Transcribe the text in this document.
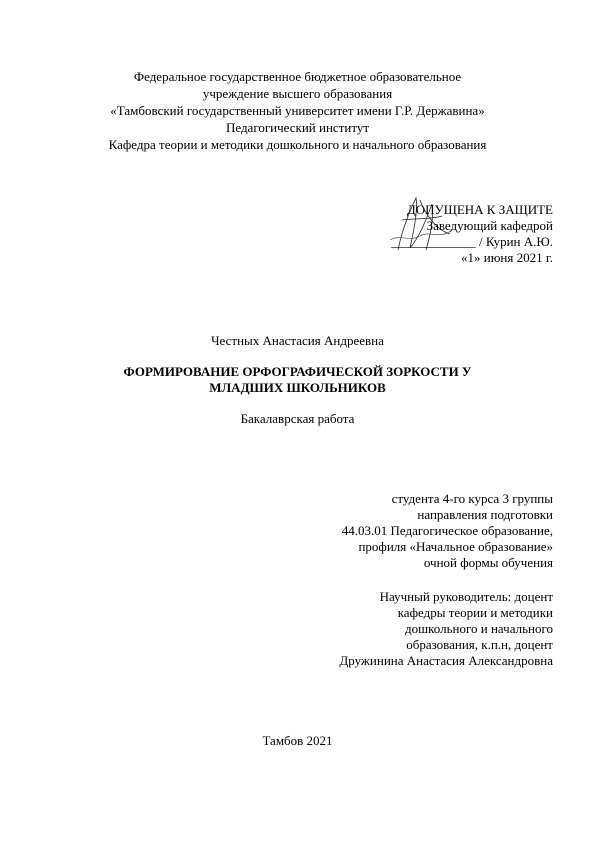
Федеральное государственное бюджетное образовательное
учреждение высшего образования
«Тамбовский государственный университет имени Г.Р. Державина»
Педагогический институт
Кафедра теории и методики дошкольного и начального образования
ДОПУЩЕНА К ЗАЩИТЕ
Заведующий кафедрой
_____________ / Курин А.Ю.
«1» июня 2021 г.
Честных Анастасия Андреевна
ФОРМИРОВАНИЕ ОРФОГРАФИЧЕСКОЙ ЗОРКОСТИ У
МЛАДШИХ ШКОЛЬНИКОВ
Бакалаврская работа
студента 4-го курса 3 группы
направления подготовки
44.03.01 Педагогическое образование,
профиля «Начальное образование»
очной формы обучения
Научный руководитель: доцент
кафедры теории и методики
дошкольного и начального
образования, к.п.н, доцент
Дружинина Анастасия Александровна
Тамбов 2021
